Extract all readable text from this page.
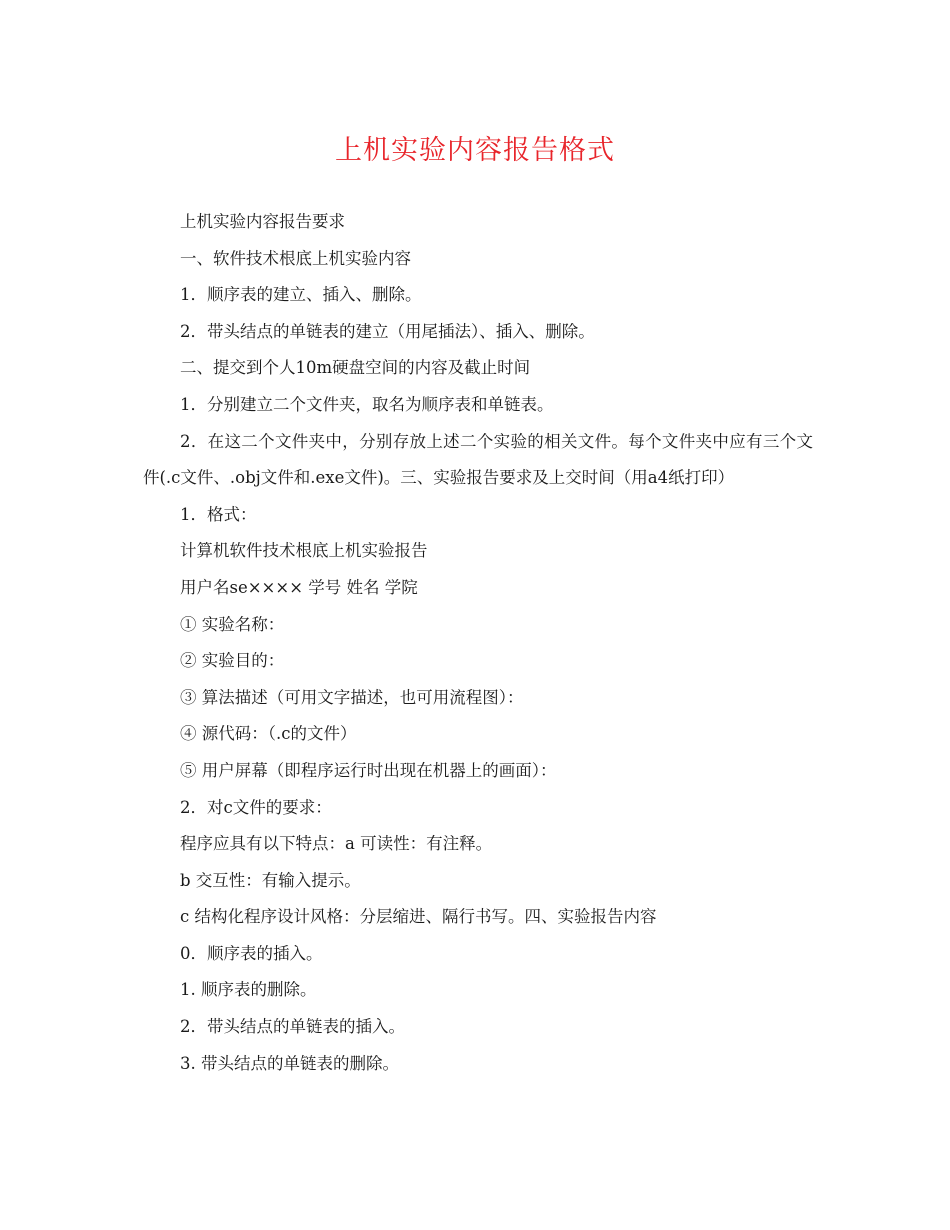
上机实验内容报告格式

上机实验内容报告要求

一、软件技术根底上机实验内容

1．顺序表的建立、插入、删除。

2．带头结点的单链表的建立（用尾插法）、插入、删除。

二、提交到个人10m硬盘空间的内容及截止时间

1．分别建立二个文件夹，取名为顺序表和单链表。

2．在这二个文件夹中，分别存放上述二个实验的相关文件。每个文件夹中应有三个文件(.c文件、.obj文件和.exe文件)。三、实验报告要求及上交时间（用a4纸打印）

1．格式：

计算机软件技术根底上机实验报告

用户名se×××× 学号 姓名 学院

① 实验名称：

② 实验目的：

③ 算法描述（可用文字描述，也可用流程图）：

④ 源代码：（.c的文件）

⑤ 用户屏幕（即程序运行时出现在机器上的画面）：

2．对c文件的要求：

程序应具有以下特点：a 可读性：有注释。

b 交互性：有输入提示。

c 结构化程序设计风格：分层缩进、隔行书写。四、实验报告内容

0．顺序表的插入。

1. 顺序表的删除。

2．带头结点的单链表的插入。

3. 带头结点的单链表的删除。
